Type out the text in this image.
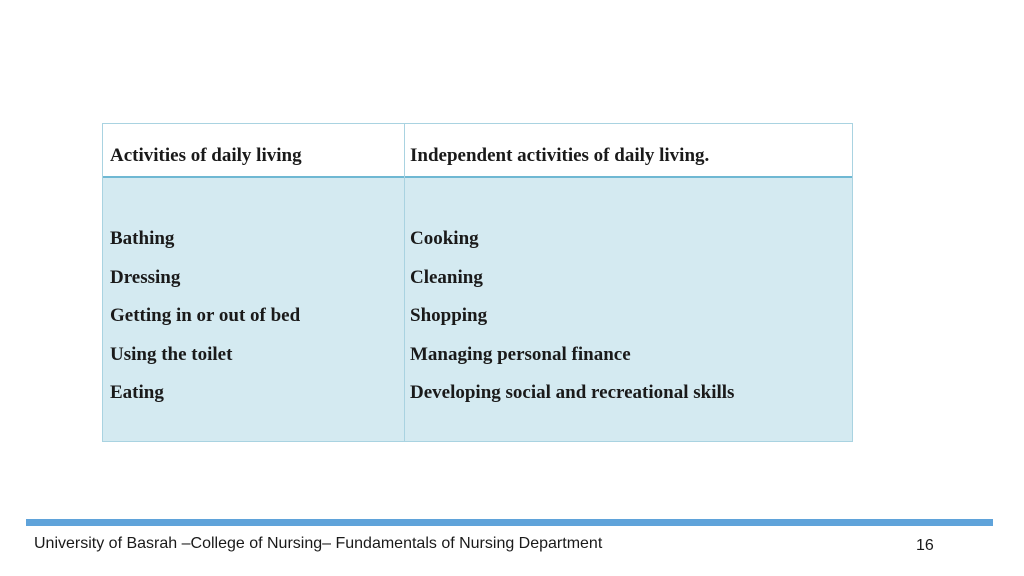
Activities of daily living	Independent activities of daily living.
Bathing
Dressing
Getting in or out of bed
Using the toilet
Eating
Cooking
Cleaning
Shopping
Managing personal finance
Developing social and recreational skills
University of Basrah –College of Nursing– Fundamentals of Nursing Department	16
